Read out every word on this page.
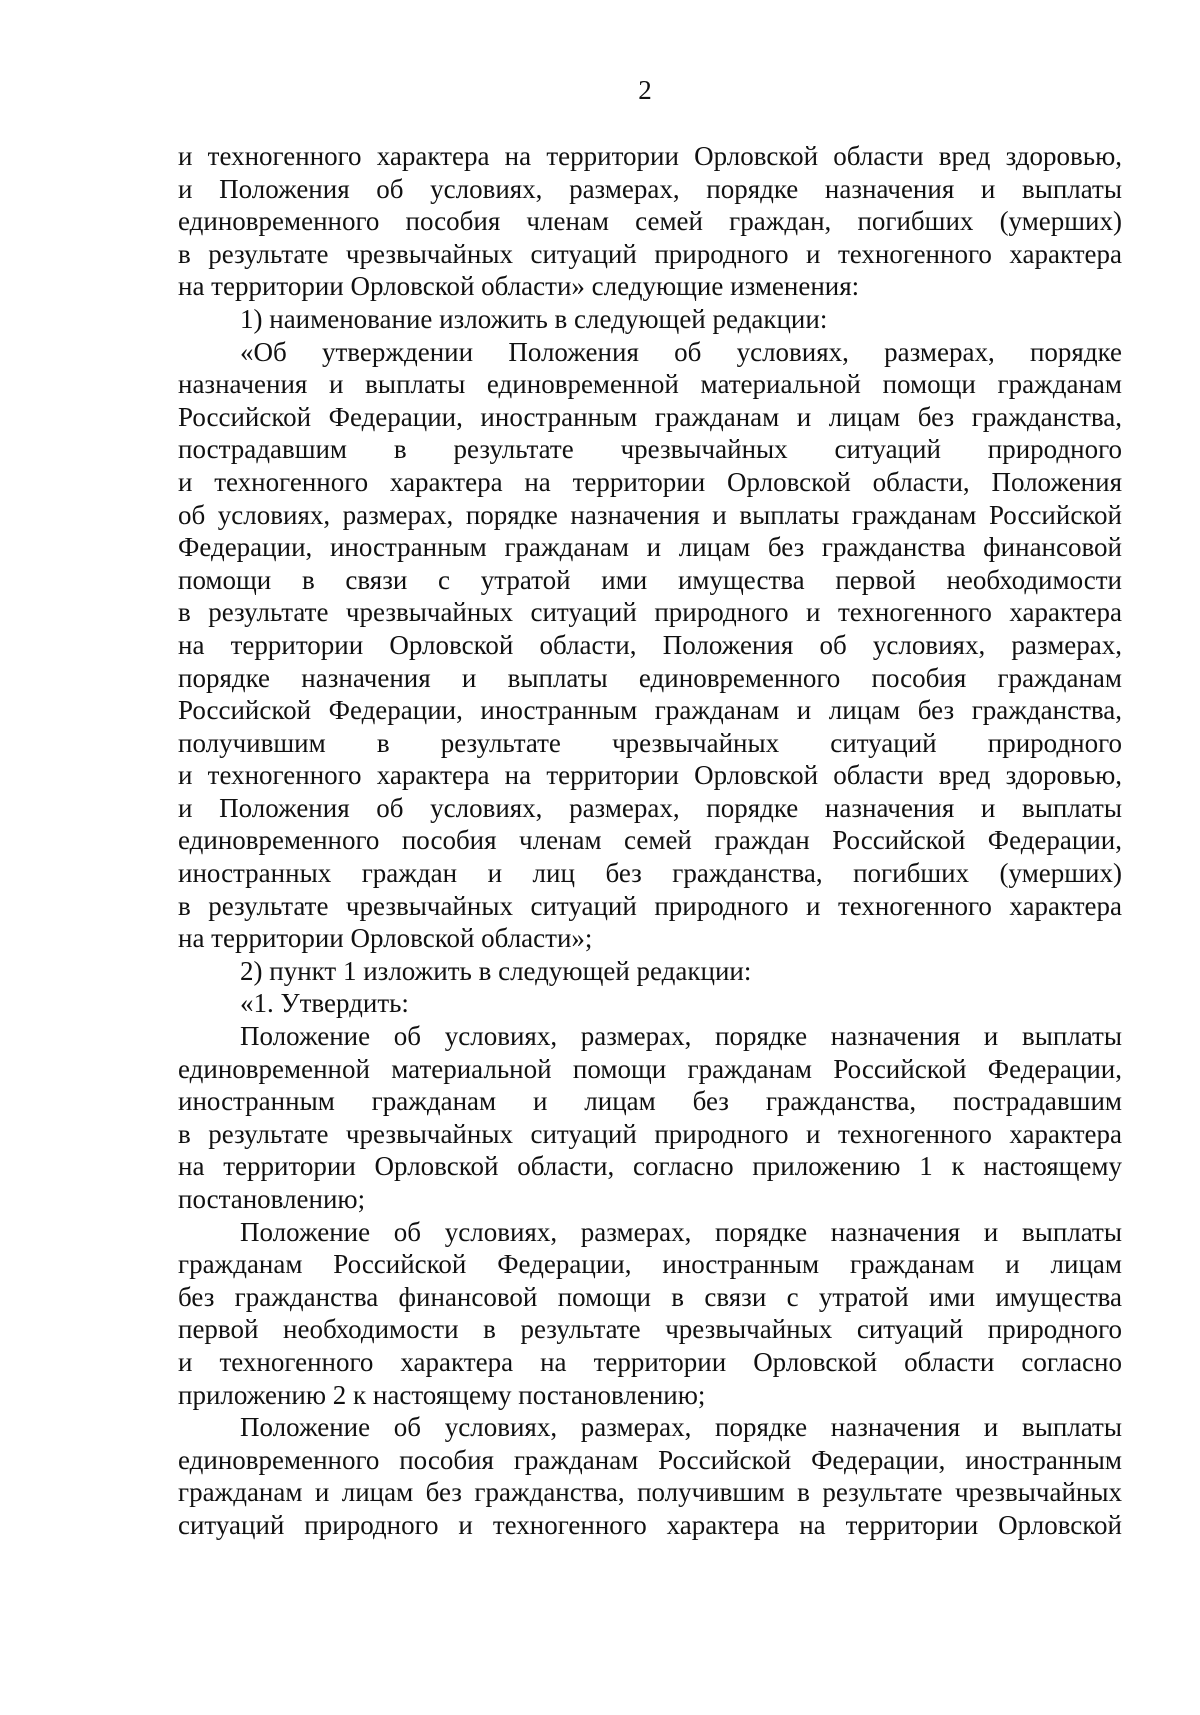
2
и техногенного характера на территории Орловской области вред здоровью,
и Положения об условиях, размерах, порядке назначения и выплаты
единовременного пособия членам семей граждан, погибших (умерших)
в результате чрезвычайных ситуаций природного и техногенного характера
на территории Орловской области» следующие изменения:
1) наименование изложить в следующей редакции:
«Об утверждении Положения об условиях, размерах, порядке
назначения и выплаты единовременной материальной помощи гражданам
Российской Федерации, иностранным гражданам и лицам без гражданства,
пострадавшим в результате чрезвычайных ситуаций природного
и техногенного характера на территории Орловской области, Положения
об условиях, размерах, порядке назначения и выплаты гражданам Российской
Федерации, иностранным гражданам и лицам без гражданства финансовой
помощи в связи с утратой ими имущества первой необходимости
в результате чрезвычайных ситуаций природного и техногенного характера
на территории Орловской области, Положения об условиях, размерах,
порядке назначения и выплаты единовременного пособия гражданам
Российской Федерации, иностранным гражданам и лицам без гражданства,
получившим в результате чрезвычайных ситуаций природного
и техногенного характера на территории Орловской области вред здоровью,
и Положения об условиях, размерах, порядке назначения и выплаты
единовременного пособия членам семей граждан Российской Федерации,
иностранных граждан и лиц без гражданства, погибших (умерших)
в результате чрезвычайных ситуаций природного и техногенного характера
на территории Орловской области»;
2) пункт 1 изложить в следующей редакции:
«1. Утвердить:
Положение об условиях, размерах, порядке назначения и выплаты
единовременной материальной помощи гражданам Российской Федерации,
иностранным гражданам и лицам без гражданства, пострадавшим
в результате чрезвычайных ситуаций природного и техногенного характера
на территории Орловской области, согласно приложению 1 к настоящему
постановлению;
Положение об условиях, размерах, порядке назначения и выплаты
гражданам Российской Федерации, иностранным гражданам и лицам
без гражданства финансовой помощи в связи с утратой ими имущества
первой необходимости в результате чрезвычайных ситуаций природного
и техногенного характера на территории Орловской области согласно
приложению 2 к настоящему постановлению;
Положение об условиях, размерах, порядке назначения и выплаты
единовременного пособия гражданам Российской Федерации, иностранным
гражданам и лицам без гражданства, получившим в результате чрезвычайных
ситуаций природного и техногенного характера на территории Орловской
